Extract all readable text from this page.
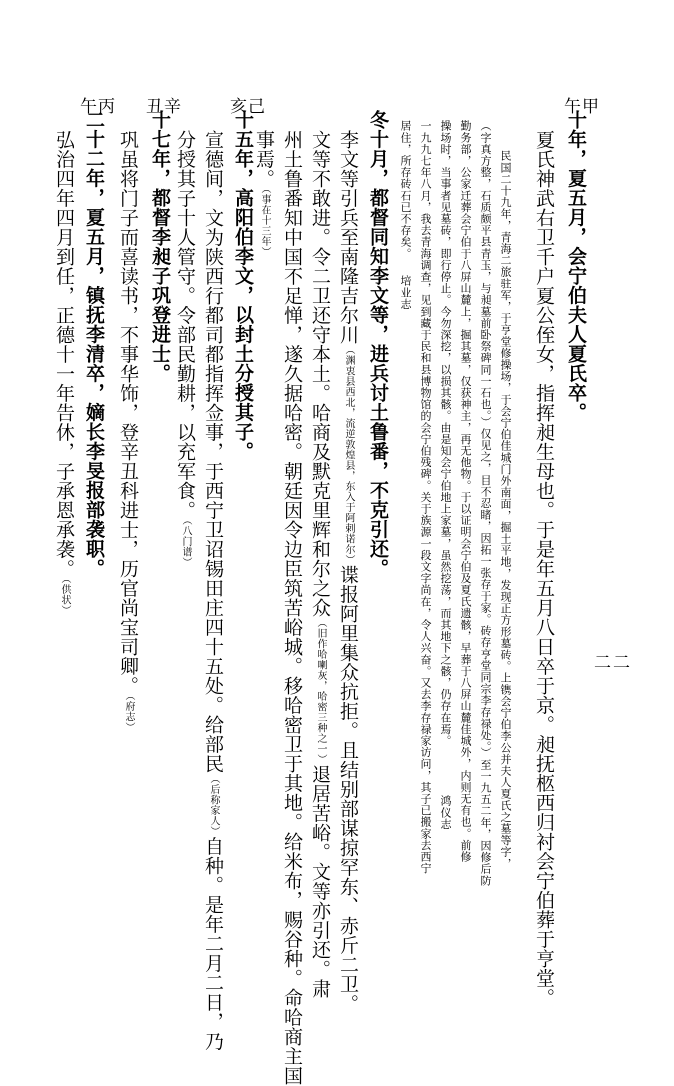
二二
午甲
亥己
丑辛
午丙
十年，夏五月，会宁伯夫人夏氏卒。
夏氏神武右卫千户夏公侄女，指挥昶生母也。于是年五月八日卒于京。昶抚柩西归衬会宁伯葬于亨堂。
民国二十九年，青海二旅驻军，于亨堂修操场，于会宁伯佳城门外南面，掘土平地，发现正方形墓砖。上镌会宁伯李公并夫人夏氏之墓等字，
（字真方整，石质颇平县青玉，与昶墓前卧祭碑同一石也。）仅见之，目不忍睹，因拓一张存于家。砖存亨堂同宗李存禄处。）至一九五二年，因修后防
勤务部，公家迁葬会宁伯于八屏山麓上，掘其墓，仅获神主，再无他物。于以证明会宁伯及夏氏遗骸，早葬于八屏山麓佳城外，内则无有也。前修
操场时，当事者见墓砖，即行停止。今勿深挖，以损其骸。由是知会宁伯地上家墓，虽然挖荡，而其地下之骸，仍存在焉。
鸿仪志
一九九七年八月，我去青海调查，见到藏于民和县博物馆的会宁伯残碑。关于族源一段文字尚在，令人兴奋。又去李存禄家访问，其子已搬家去西宁
居住，所存砖石已不存矣。
培业志
冬十月，都督同知李文等，进兵讨土鲁番，不克引还。
李文等引兵至南隆吉尔川（渊衷县西北，流逆敦煌县，东入于阿剌诺尔）谍报阿里集众抗拒。且结别部谋掠罕东、赤斤二卫。
文等不敢进。令二卫还守本土。哈商及默克里辉和尔之众（旧作哈喇灰，哈密三种之一）退居苦峪。文等亦引还。肃
州土鲁番知中国不足惮，遂久据哈密。朝廷因令边臣筑苦峪城。移哈密卫于其地。给米布，赐谷种。命哈商主国
事焉。（事在十三年）
十五年，高阳伯李文，以封土分授其子。
宣德间，文为陕西行都司都指挥佥事，于西宁卫诏锡田庄四十五处。给部民（后称家人）自种。是年二月二日，乃
分授其子十人管守。令部民勤耕，以充军食。（八门谱）
十七年，都督李昶子巩登进士。
巩虽将门子而喜读书，不事华饰，登辛丑科进士，历官尚宝司卿。（府志）
二十二年，夏五月，镇抚李清卒，嫡长李旻报部袭职。
弘治四年四月到任，正德十一年告休，子承恩承袭。（供状）
